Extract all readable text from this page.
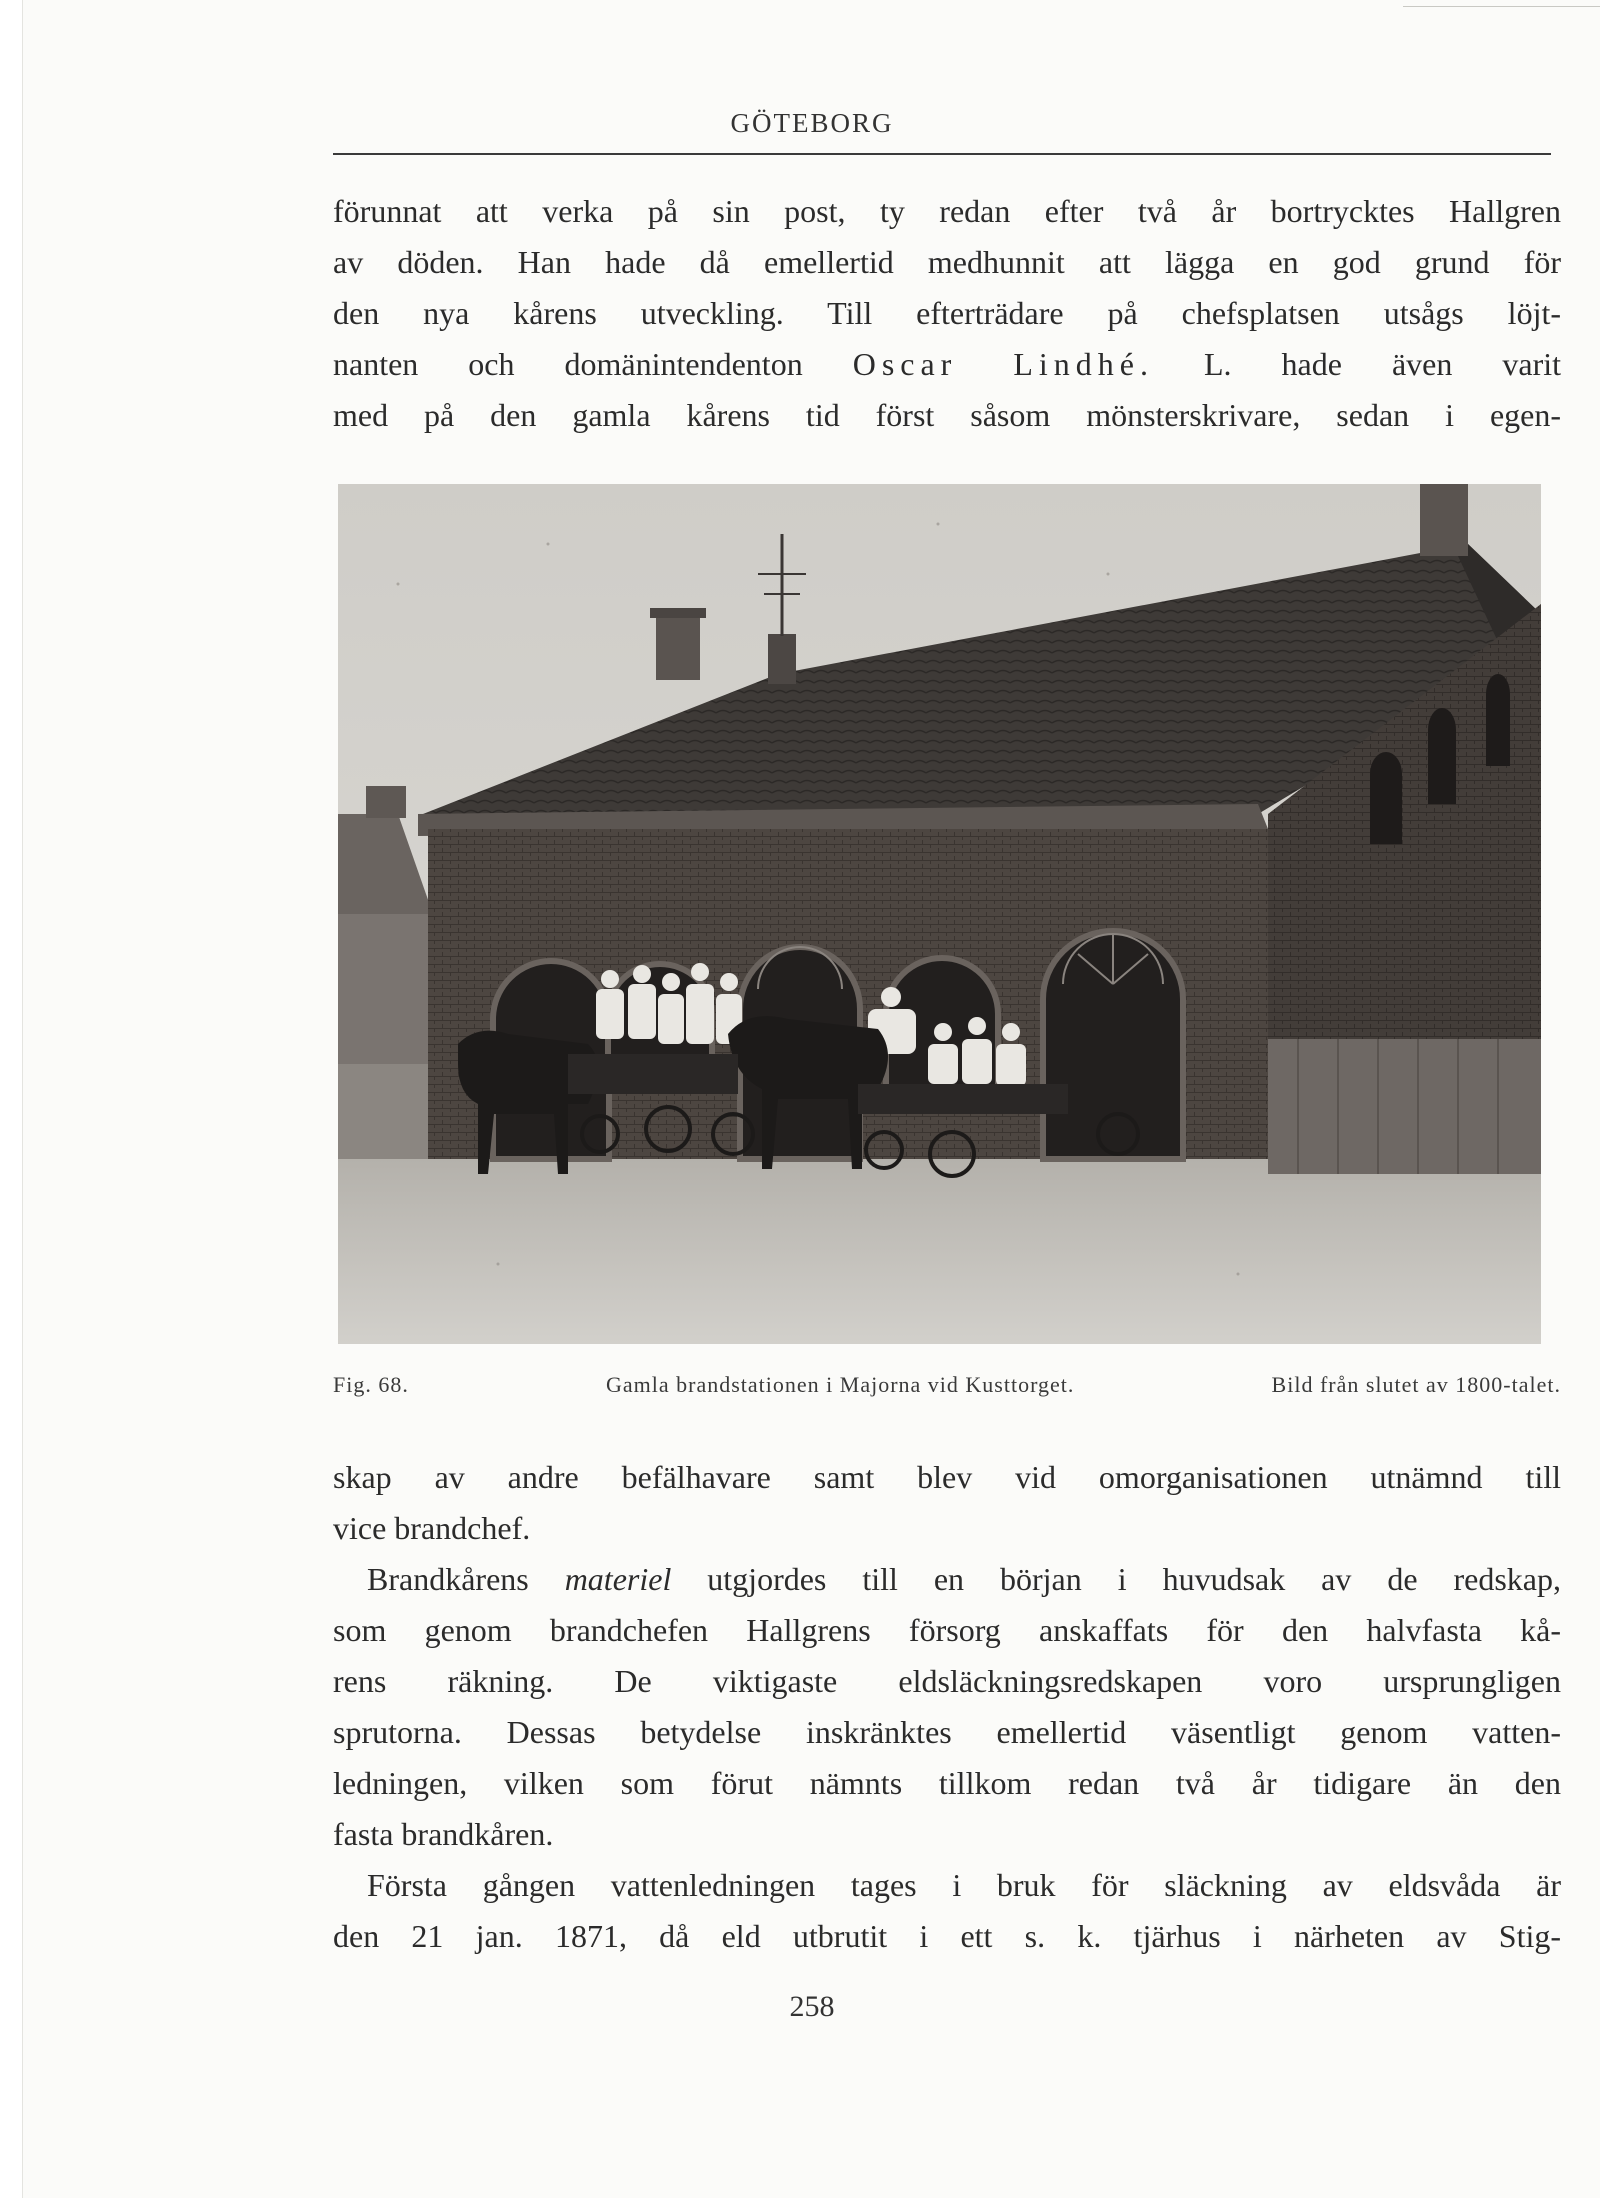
GÖTEBORG
förunnat att verka på sin post, ty redan efter två år bortrycktes Hallgren
av döden. Han hade då emellertid medhunnit att lägga en god grund för
den nya kårens utveckling. Till efterträdare på chefsplatsen utsågs löjt-
nanten och domänintendenton Oscar Lindhé. L. hade även varit
med på den gamla kårens tid först såsom mönsterskrivare, sedan i egen-
Fig. 68.	Gamla brandstationen i Majorna vid Kusttorget.	Bild från slutet av 1800-talet.
skap av andre befälhavare samt blev vid omorganisationen utnämnd till
vice brandchef.
Brandkårens materiel utgjordes till en början i huvudsak av de redskap,
som genom brandchefen Hallgrens försorg anskaffats för den halvfasta kå-
rens räkning. De viktigaste eldsläckningsredskapen voro ursprungligen
sprutorna. Dessas betydelse inskränktes emellertid väsentligt genom vatten-
ledningen, vilken som förut nämnts tillkom redan två år tidigare än den
fasta brandkåren.
Första gången vattenledningen tages i bruk för släckning av eldsvåda är
den 21 jan. 1871, då eld utbrutit i ett s. k. tjärhus i närheten av Stig-
258
